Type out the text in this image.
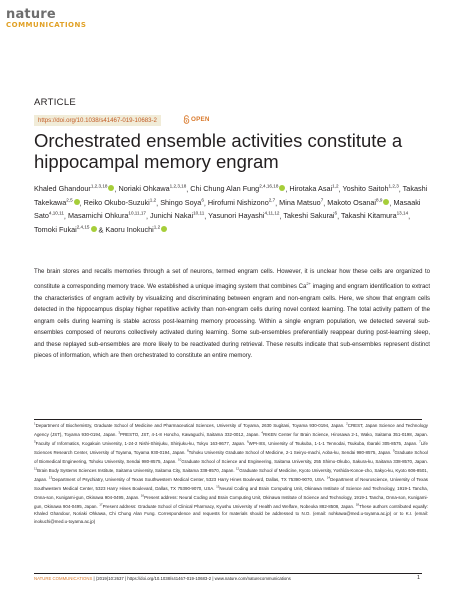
nature
COMMUNICATIONS
ARTICLE
https://doi.org/10.1038/s41467-019-10683-2	OPEN
Orchestrated ensemble activities constitute a hippocampal memory engram
Khaled Ghandour$^{1,2,3,18}$ , Noriaki Ohkawa$^{1,2,3,18}$, Chi Chung Alan Fung$^{2,4,16,18}$ , Hirotaka Asai$^{1,2}$, Yoshito Saitoh$^{1,2,3}$, Takashi Takekawa$^{2,5}$ , Reiko Okubo-Suzuki$^{1,2}$, Shingo Soya$^6$, Hirofumi Nishizono$^{2,7}$, Mina Matsuo$^7$, Makoto Osanai$^{8,9}$ , Masaaki Sato$^{4,10,11}$, Masamichi Ohkura$^{10,11,17}$, Junichi Nakai$^{10,11}$, Yasunori Hayashi$^{4,11,12}$, Takeshi Sakurai$^6$, Takashi Kitamura$^{13,14}$, Tomoki Fukai$^{2,4,15}$ & Kaoru Inokuchi$^{1,2}$
The brain stores and recalls memories through a set of neurons, termed engram cells. However, it is unclear how these cells are organized to constitute a corresponding memory trace. We established a unique imaging system that combines $Ca^{2+}$ imaging and engram identification to extract the characteristics of engram activity by visualizing and discriminating between engram and non-engram cells. Here, we show that engram cells detected in the hippocampus display higher repetitive activity than non-engram cells during novel context learning. The total activity pattern of the engram cells during learning is stable across post-learning memory processing. Within a single engram population, we detected several sub-ensembles composed of neurons collectively activated during learning. Some sub-ensembles preferentially reappear during post-learning sleep, and these replayed sub-ensembles are more likely to be reactivated during retrieval. These results indicate that sub-ensembles represent distinct pieces of information, which are then orchestrated to constitute an entire memory.
$^1$Department of Biochemistry, Graduate School of Medicine and Pharmaceutical Sciences, University of Toyama, 2630 Sugitani, Toyama 930-0194, Japan. $^2$CREST, Japan Science and Technology Agency (JST), Toyama 930-0194, Japan. $^3$PRESTO, JST, 4-1-8 Honcho, Kawaguchi, Saitama 332-0012, Japan. $^4$RIKEN Center for Brain Science, Hirosawa 2-1, Wako, Saitama 351-0198, Japan. $^5$Faculty of Informatics, Kogakuin University, 1-24-2 Nishi-Shinjuku, Shinjuku-ku, Tokyo 163-8677, Japan. $^6$WPI-IIIS, University of Tsukuba, 1-1-1 Tennodai, Tsukuba, Ibaraki 305-8575, Japan. $^7$Life Sciences Research Center, University of Toyama, Toyama 930-0194, Japan. $^8$Tohoku University Graduate School of Medicine, 2-1 Seiryo-machi, Aoba-ku, Sendai 980-8575, Japan. $^9$Graduate School of Biomedical Engineering, Tohoku University, Sendai 980-8575, Japan. $^{10}$Graduate School of Science and Engineering, Saitama University, 255 Shimo-Okubo, Sakura-ku, Saitama 338-8570, Japan. $^{11}$Brain Body Systems Sciences Institute, Saitama University, Saitama City, Saitama 338-8570, Japan. $^{12}$Graduate School of Medicine, Kyoto University, Yoshida-Konoe-cho, Sakyo-ku, Kyoto 606-8501, Japan. $^{13}$Department of Psychiatry, University of Texas Southwestern Medical Center, 5323 Harry Hines Boulevard, Dallas, TX 75390-9070, USA. $^{14}$Department of Neuroscience, University of Texas Southwestern Medical Center, 5323 Harry Hines Boulevard, Dallas, TX 75390-9070, USA. $^{15}$Neural Coding and Brain Computing Unit, Okinawa Institute of Science and Technology, 1919-1 Tancha, Onna-son, Kunigami-gun, Okinawa 904-0495, Japan. $^{16}$Present address: Neural Coding and Brain Computing Unit, Okinawa Institute of Science and Technology, 1919-1 Tancha, Onna-son, Kunigami-gun, Okinawa 904-0495, Japan. $^{17}$Present address: Graduate School of Clinical Pharmacy, Kyushu University of Health and Welfare, Nobeoka 882-8508, Japan. $^{18}$These authors contributed equally: Khaled Ghandour, Noriaki Ohkawa, Chi Chung Alan Fung. Correspondence and requests for materials should be addressed to N.O. (email: nohkawa@med.u-toyama.ac.jp) or to K.I. (email: inokuchi@med.u-toyama.ac.jp)
NATURE COMMUNICATIONS | (2019)10:2637 | https://doi.org/10.1038/s41467-019-10683-2 | www.nature.com/naturecommunications	1
